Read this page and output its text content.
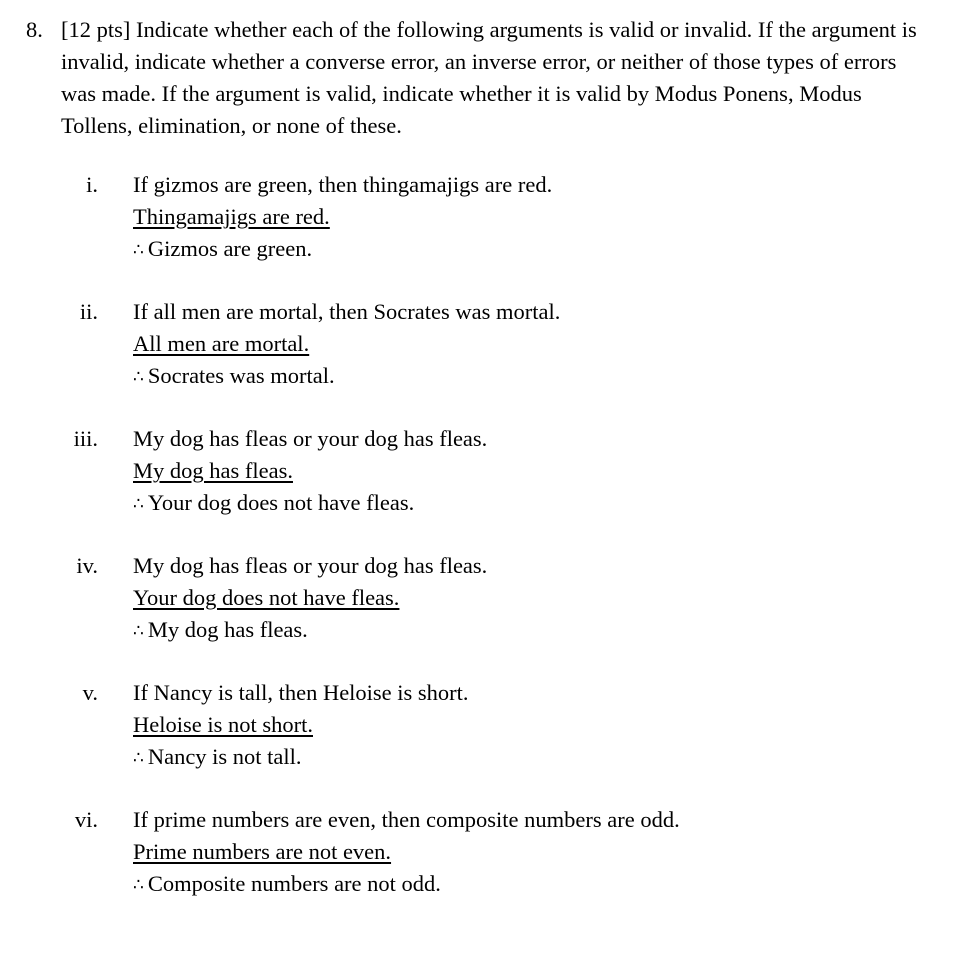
8. [12 pts] Indicate whether each of the following arguments is valid or invalid. If the argument is invalid, indicate whether a converse error, an inverse error, or neither of those types of errors was made. If the argument is valid, indicate whether it is valid by Modus Ponens, Modus Tollens, elimination, or none of these.
i. If gizmos are green, then thingamajigs are red.
Thingamajigs are red.
∴ Gizmos are green.
ii. If all men are mortal, then Socrates was mortal.
All men are mortal.
∴ Socrates was mortal.
iii. My dog has fleas or your dog has fleas.
My dog has fleas.
∴ Your dog does not have fleas.
iv. My dog has fleas or your dog has fleas.
Your dog does not have fleas.
∴ My dog has fleas.
v. If Nancy is tall, then Heloise is short.
Heloise is not short.
∴ Nancy is not tall.
vi. If prime numbers are even, then composite numbers are odd.
Prime numbers are not even.
∴ Composite numbers are not odd.
